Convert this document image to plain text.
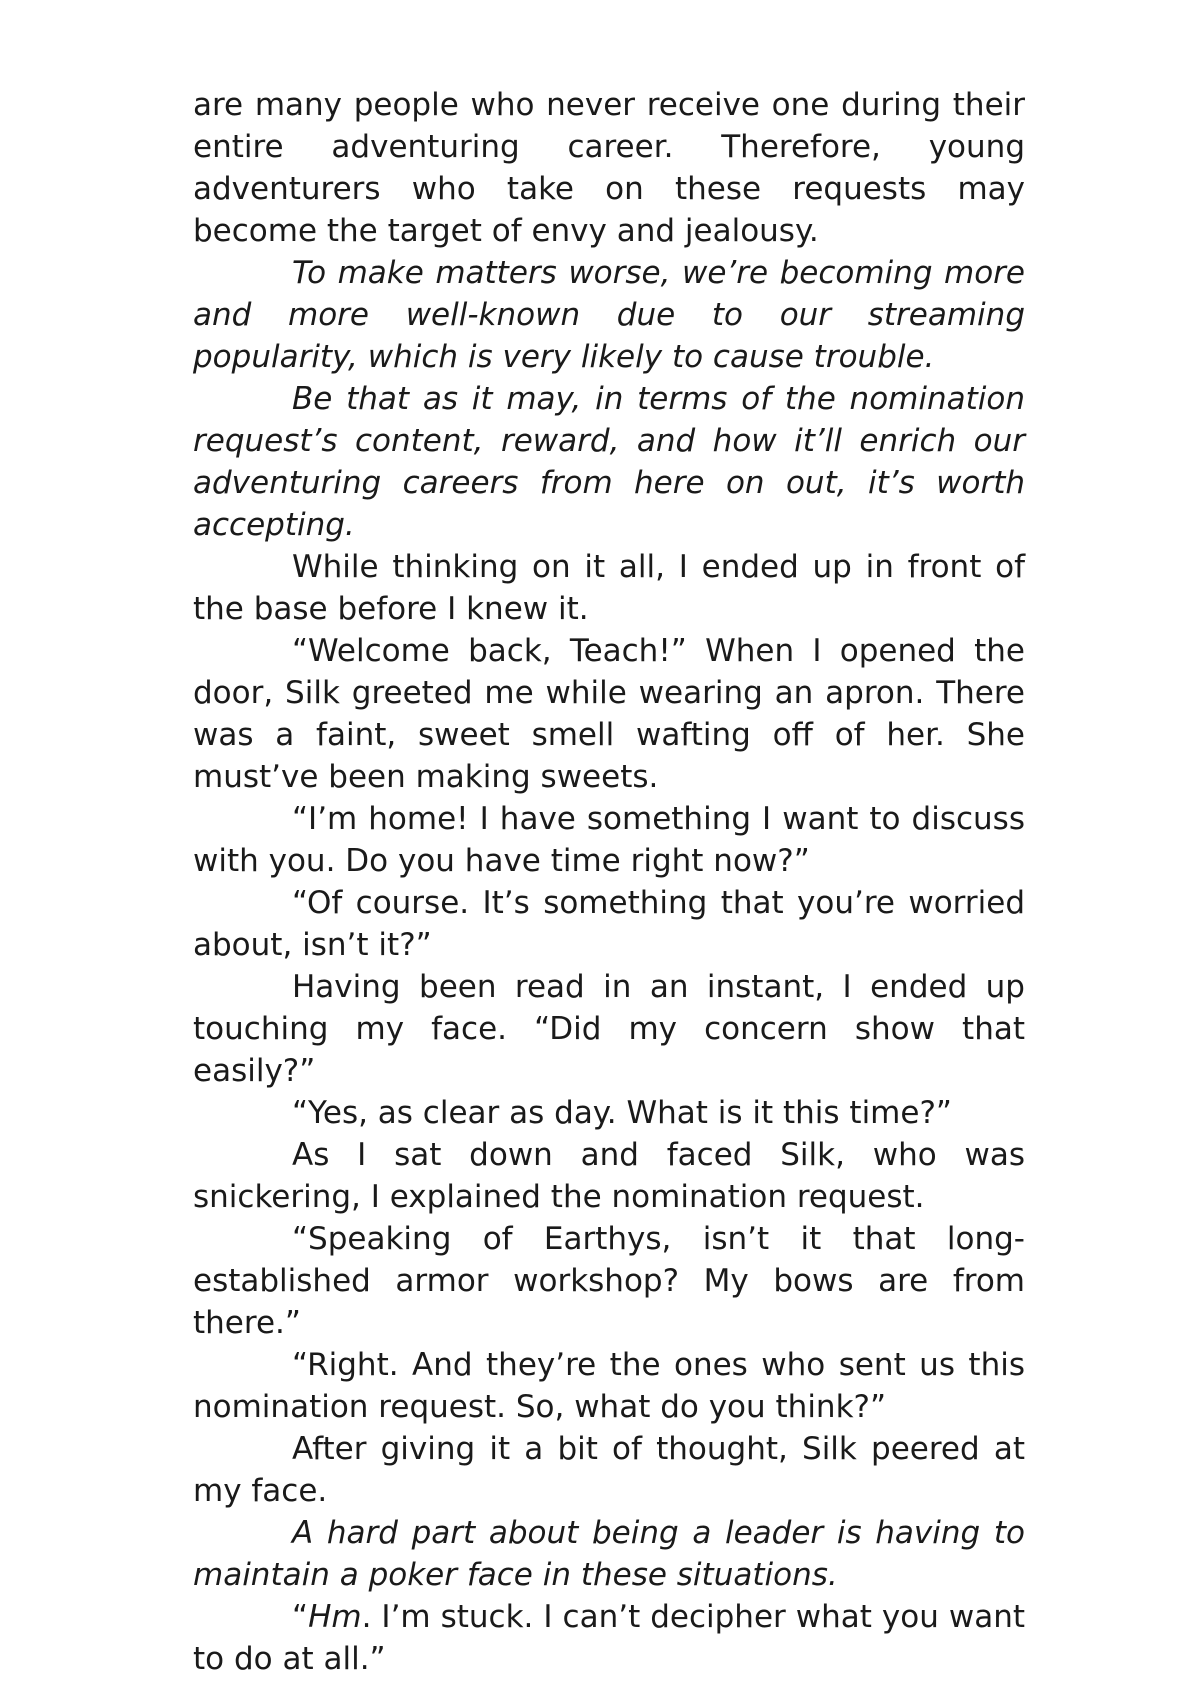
are many people who never receive one during their entire adventuring career. Therefore, young adventurers who take on these requests may become the target of envy and jealousy.

To make matters worse, we’re becoming more and more well-known due to our streaming popularity, which is very likely to cause trouble.

Be that as it may, in terms of the nomination request’s content, reward, and how it’ll enrich our adventuring careers from here on out, it’s worth accepting.

While thinking on it all, I ended up in front of the base before I knew it.

“Welcome back, Teach!” When I opened the door, Silk greeted me while wearing an apron. There was a faint, sweet smell wafting off of her. She must’ve been making sweets.

“I’m home! I have something I want to discuss with you. Do you have time right now?”

“Of course. It’s something that you’re worried about, isn’t it?”

Having been read in an instant, I ended up touching my face. “Did my concern show that easily?”

“Yes, as clear as day. What is it this time?”

As I sat down and faced Silk, who was snickering, I explained the nomination request.

“Speaking of Earthys, isn’t it that long-established armor workshop? My bows are from there.”

“Right. And they’re the ones who sent us this nomination request. So, what do you think?”

After giving it a bit of thought, Silk peered at my face.

A hard part about being a leader is having to maintain a poker face in these situations.

“Hm. I’m stuck. I can’t decipher what you want to do at all.”
